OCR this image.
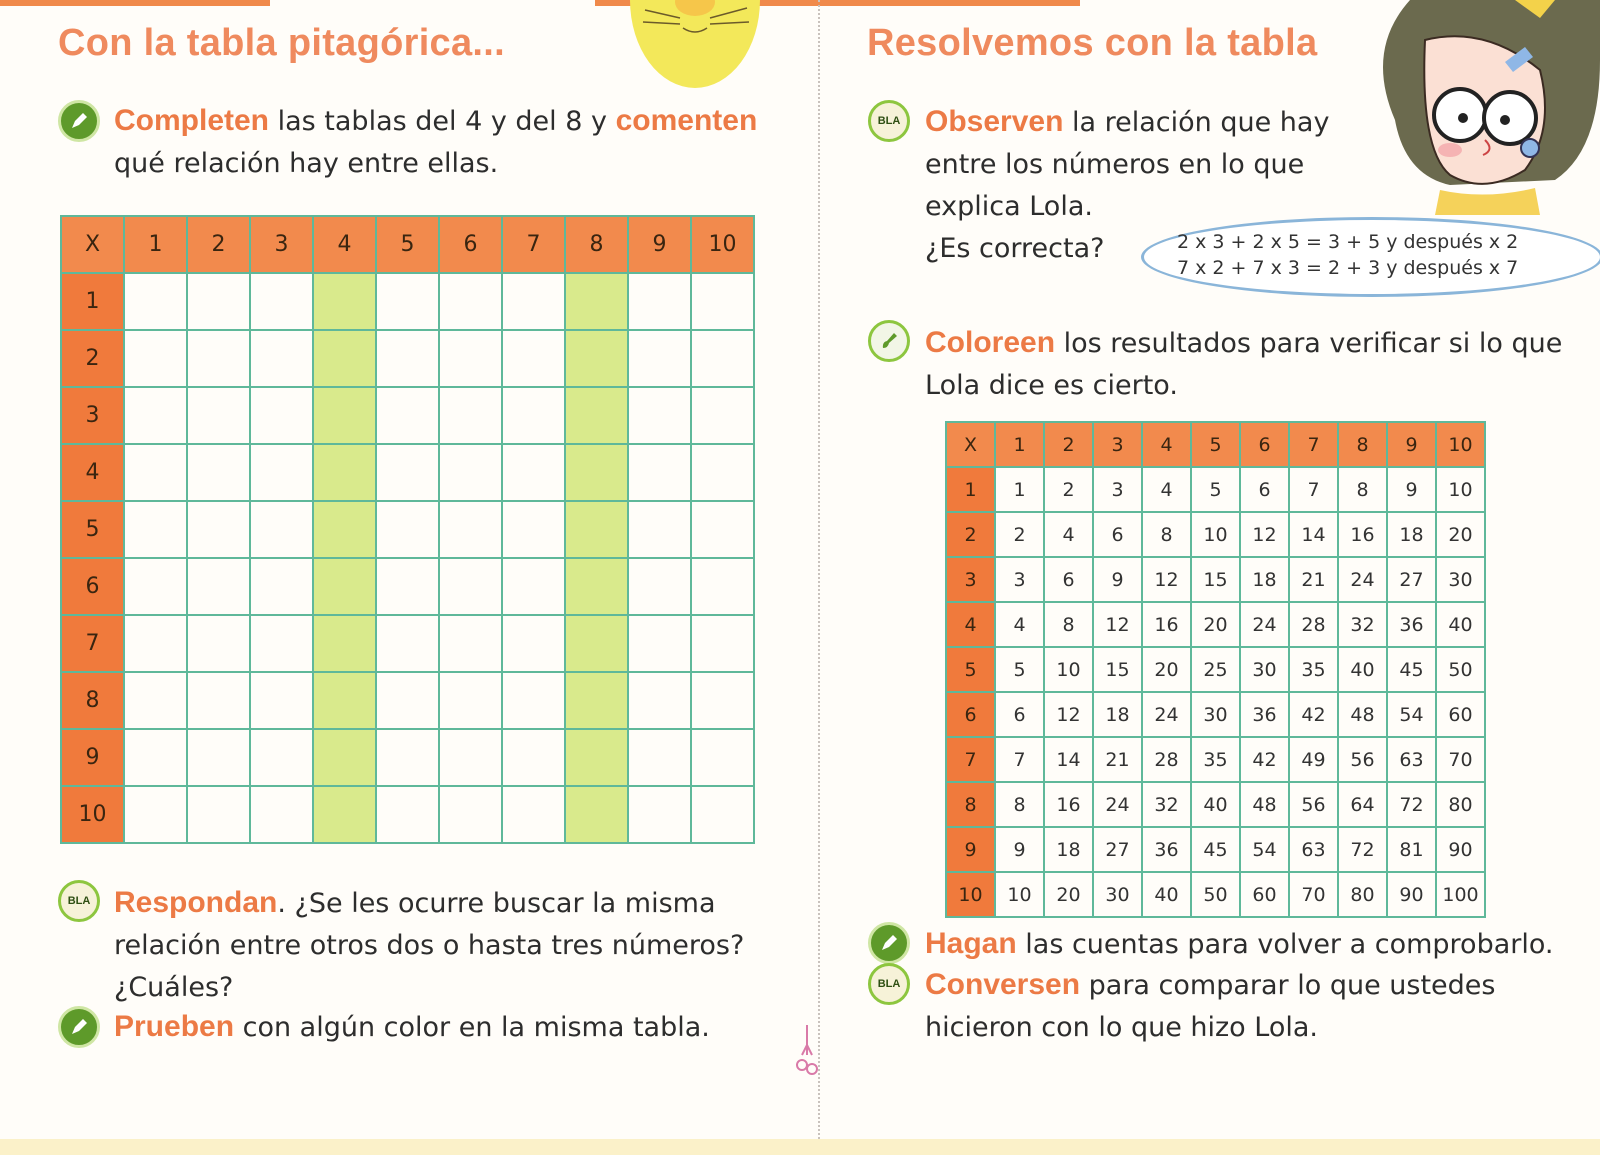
Con la tabla pitagórica...
Completen las tablas del 4 y del 8 y comenten
qué relación hay entre ellas.
X	1	2	3	4	5	6	7	8	9	10
1										
2										
3										
4										
5										
6										
7										
8										
9										
10										
BLA Respondan. ¿Se les ocurre buscar la misma
relación entre otros dos o hasta tres números?
¿Cuáles?
Prueben con algún color en la misma tabla.
Resolvemos con la tabla
BLA Observen la relación que hay
entre los números en lo que
explica Lola.
¿Es correcta?	2 x 3 + 2 x 5 = 3 + 5 y después x 2
7 x 2 + 7 x 3 = 2 + 3 y después x 7
Coloreen los resultados para verificar si lo que
Lola dice es cierto.
X	1	2	3	4	5	6	7	8	9	10
1	1	2	3	4	5	6	7	8	9	10
2	2	4	6	8	10	12	14	16	18	20
3	3	6	9	12	15	18	21	24	27	30
4	4	8	12	16	20	24	28	32	36	40
5	5	10	15	20	25	30	35	40	45	50
6	6	12	18	24	30	36	42	48	54	60
7	7	14	21	28	35	42	49	56	63	70
8	8	16	24	32	40	48	56	64	72	80
9	9	18	27	36	45	54	63	72	81	90
10	10	20	30	40	50	60	70	80	90	100
Hagan las cuentas para volver a comprobarlo.
BLA Conversen para comparar lo que ustedes
hicieron con lo que hizo Lola.
